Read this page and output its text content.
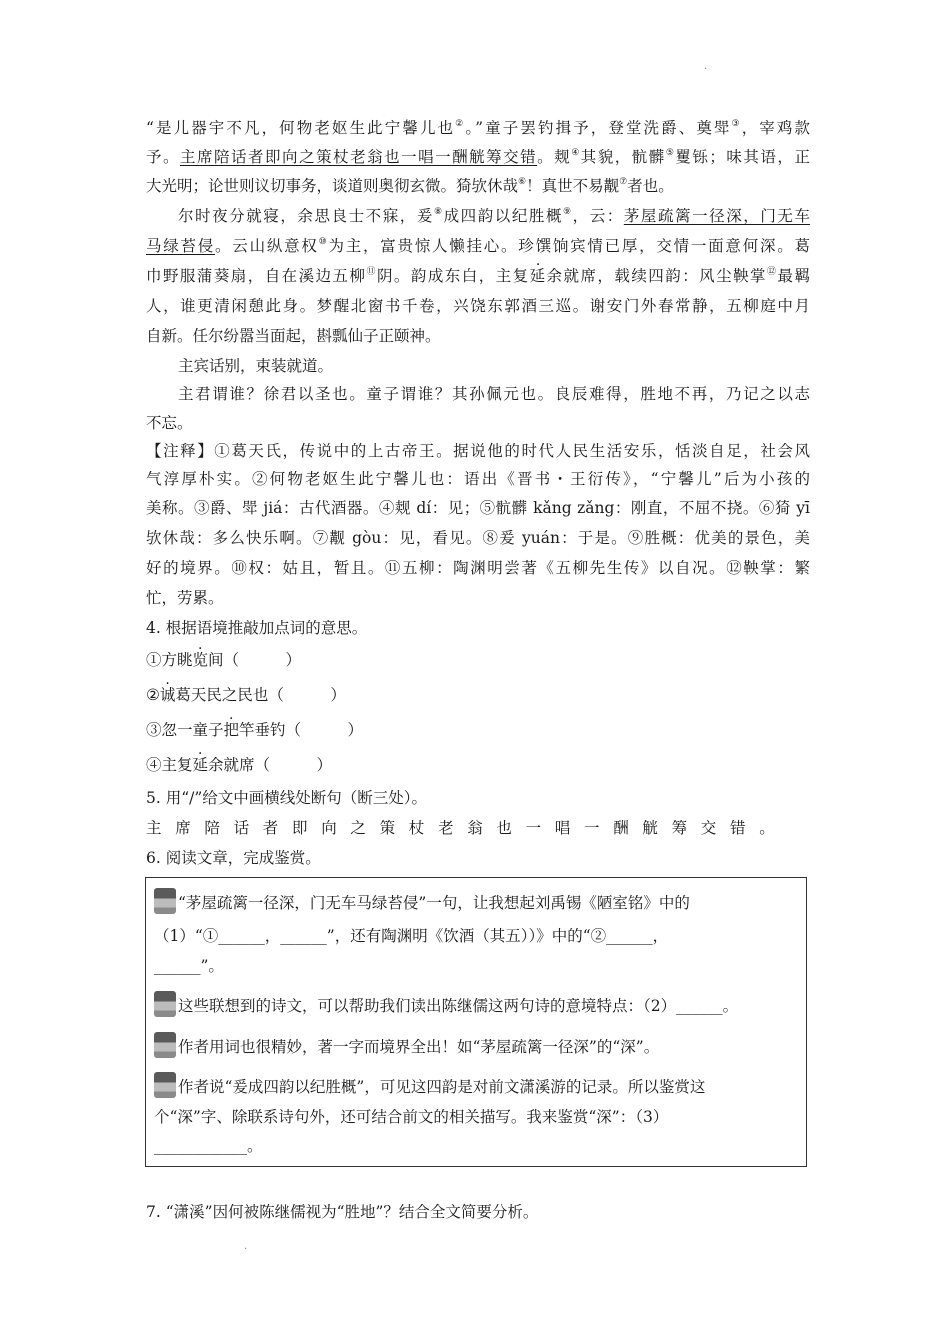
·
“是儿器宇不凡，何物老妪生此宁馨儿也②。”童子罢钓揖予，登堂洗爵、奠斝③，宰鸡款
予。主席陪话者即向之策杖老翁也一唱一酬觥筹交错。觌④其貌，骯髒⑤矍铄；味其语，正
大光明；论世则议切事务，谈道则奥彻玄微。猗欤休哉⑥！真世不易觏⑦者也。
尔时夜分就寝，余思良士不寐，爰⑧成四韵以纪胜概⑨，云：茅屋疏篱一径深，门无车
马绿苔侵。云山纵意权⑩为主，富贵惊人懒挂心。珍馔饷宾情已厚，交情一面意何深。葛
巾野服蒲葵扇，自在溪边五柳⑪阴。韵成东白，主复延余就席，载续四韵：风尘鞅掌⑫最羁
人，谁更清闲憩此身。梦醒北窗书千卷，兴饶东郭酒三巡。谢安门外春常静，五柳庭中月
自新。任尔纷嚣当面起，斟瓢仙子正颐神。
主宾话别，束装就道。
主君谓谁？徐君以圣也。童子谓谁？其孙佩元也。良辰难得，胜地不再，乃记之以志
不忘。
【注释】①葛天氏，传说中的上古帝王。据说他的时代人民生活安乐，恬淡自足，社会风
气淳厚朴实。②何物老妪生此宁馨儿也：语出《晋书・王衍传》，“宁馨儿”后为小孩的
美称。③爵、斝 jiá：古代酒器。④觌 dí：见；⑤骯髒 kǎng zǎng：刚直，不屈不挠。⑥猗 yī
欤休哉：多么快乐啊。⑦觏 gòu：见，看见。⑧爰 yuán：于是。⑨胜概：优美的景色，美
好的境界。⑩权：姑且，暂且。⑪五柳：陶渊明尝著《五柳先生传》以自况。⑫鞅掌：繁
忙，劳累。
4. 根据语境推敲加点词的意思。
①方眺览间（　　　）
②诚葛天民之民也（　　　）
③忽一童子把竿垂钓（　　　）
④主复延余就席（　　　）
5. 用“/”给文中画横线处断句（断三处）。
主席陪话者即向之策杖老翁也一唱一酬觥筹交错。
6. 阅读文章，完成鉴赏。
“茅屋疏篱一径深，门无车马绿苔侵”一句，让我想起刘禹锡《陋室铭》中的
（1）“①______，______”，还有陶渊明《饮酒（其五））》中的“②______，
______”。
这些联想到的诗文，可以帮助我们读出陈继儒这两句诗的意境特点：（2）______。
作者用词也很精妙，著一字而境界全出！如“茅屋疏篱一径深”的“深”。
作者说“爰成四韵以纪胜概”，可见这四韵是对前文潇溪游的记录。所以鉴赏这
个“深”字、除联系诗句外，还可结合前文的相关描写。我来鉴赏“深”：（3）
____________。
7. “潇溪”因何被陈继儒视为“胜地”？结合全文简要分析。
·
